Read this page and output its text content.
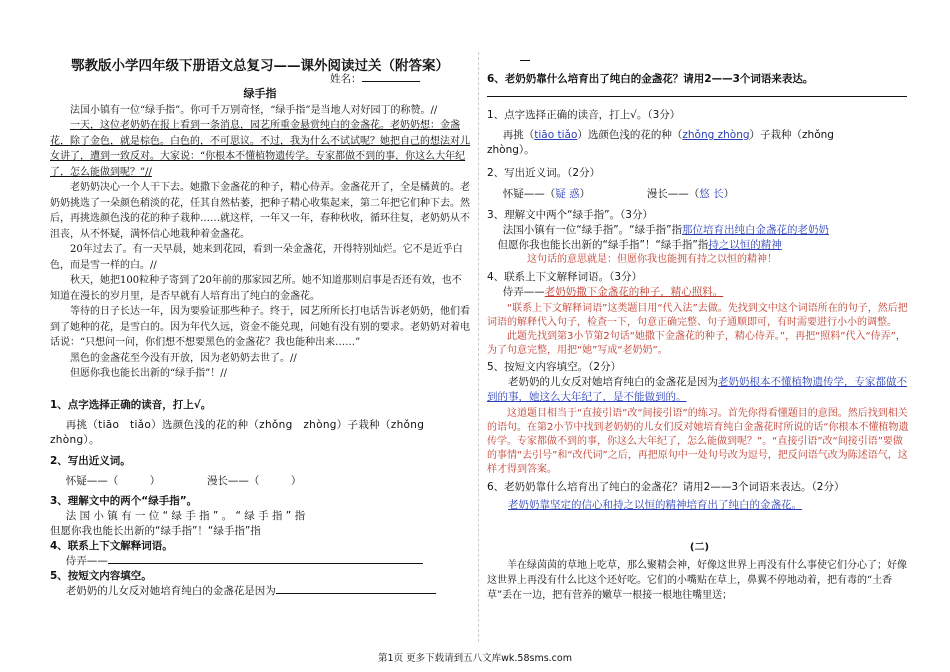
鄂教版小学四年级下册语文总复习——课外阅读过关（附答案）
姓名：
绿手指

法国小镇有一位“绿手指”。你可千万别奇怪，“绿手指”是当地人对好园丁的称赞。//

一天，这位老奶奶在报上看到一条消息，园艺所重金悬赏纯白的金盏花。老奶奶想：金盏花，除了金色，就是棕色。白色的，不可思议。不过，我为什么不试试呢？她把自己的想法对儿女讲了，遭到一致反对。大家说：“你根本不懂植物遗传学。专家都做不到的事，你这么大年纪了，怎么能做到呢？”//

老奶奶决心一个人干下去。她撒下金盏花的种子，精心侍弄。金盏花开了，全是橘黄的。老奶奶挑选了一朵颜色稍淡的花，任其自然枯萎，把种子精心收集起来，第二年把它们种下去。然后，再挑选颜色浅的花的种子栽种……就这样，一年又一年，春种秋收，循环往复，老奶奶从不沮丧，从不怀疑，满怀信心地栽种着金盏花。

20年过去了。有一天早晨，她来到花园，看到一朵金盏花，开得特别灿烂。它不是近乎白色，而是雪一样的白。//

秋天，她把100粒种子寄到了20年前的那家园艺所。她不知道那则启事是否还有效，也不知道在漫长的岁月里，是否早就有人培育出了纯白的金盏花。

等待的日子长达一年，因为要验证那些种子。终于，园艺所所长打电话告诉老奶奶，他们看到了她种的花，是雪白的。因为年代久远，资金不能兑现，问她有没有别的要求。老奶奶对着电话说：“只想问一问，你们想不想要黑色的金盏花？我也能种出来……”

黑色的金盏花至今没有开放，因为老奶奶去世了。//

但愿你我也能长出新的“绿手指”！//

1、点字选择正确的读音，打上√。
再挑（tiāo　tiǎo）选颜色浅的花的种（zhǒng　zhòng）子栽种（zhǒng　zhòng）。
2、写出近义词。
怀疑——（　　　）	漫长——（　　　）
3、理解文中的两个“绿手指”。
法 国 小 镇 有 一 位 “ 绿 手 指 ” 。 “ 绿 手 指 ” 指
但愿你我也能长出新的“绿手指”！“绿手指”指
4、联系上下文解释词语。
侍弄——
5、按短文内容填空。
老奶奶的儿女反对她培育纯白的金盏花是因为
6、老奶奶靠什么培育出了纯白的金盏花？请用2——3个词语来表达。
1、点字选择正确的读音，打上√。（3分）
再挑（tiāo tiǎo）选颜色浅的花的种（zhǒng zhòng）子栽种（zhǒng
zhòng）。
2、写出近义词。（2分）
怀疑——（疑 惑）	漫长——（悠 长）
3、理解文中两个“绿手指”。（3分）
法国小镇有一位“绿手指”。“绿手指”指那位培育出纯白金盏花的老奶奶
但愿你我也能长出新的“绿手指”！“绿手指”指持之以恒的精神
这句话的意思就是：但愿你我也能拥有持之以恒的精神！
4、联系上下文解释词语。（3分）
侍弄——老奶奶撒下金盏花的种子，精心照料。
“联系上下文解释词语”这类题目用“代入法”去做。先找到文中这个词语所在的句子，然后把词语的解释代入句子，检查一下，句意正确完整、句子通顺即可，有时需要进行小小的调整。
此题先找到第3小节第2句话“她撒下金盏花的种子，精心侍弄。”，再把“照料”代入“侍弄”，为了句意完整，用把“她”写成“老奶奶”。
5、按短文内容填空。（2分）
老奶奶的儿女反对她培育纯白的金盏花是因为老奶奶根本不懂植物遗传学，专家都做不到的事，她这么大年纪了，是不能做到的。
这道题目相当于“直接引语”改“间接引语”的练习。首先你得看懂题目的意图。然后找到相关的语句。在第2小节中找到老奶奶的儿女们反对她培育纯白金盏花时所说的话“你根本不懂植物遗传学。专家都做不到的事，你这么大年纪了，怎么能做到呢？”。“直接引语”改“间接引语”要做的事情“去引号”和“改代词”之后，再把原句中一处句号改为逗号，把反问语气改为陈述语气，这样才得到答案。
6、老奶奶靠什么培育出了纯白的金盏花？请用2——3个词语来表达。（2分）
老奶奶靠坚定的信心和持之以恒的精神培育出了纯白的金盏花。
(二)

羊在绿茵茵的草地上吃草，那么聚精会神，好像这世界上再没有什么事使它们分心了；好像这世界上再没有什么比这个还好吃。它们的小嘴贴在草上，鼻翼不停地动着，把有毒的“土香草”丢在一边，把有营养的嫩草一根接一根地往嘴里送；

第1页 更多下载请到五八文库wk.58sms.com
